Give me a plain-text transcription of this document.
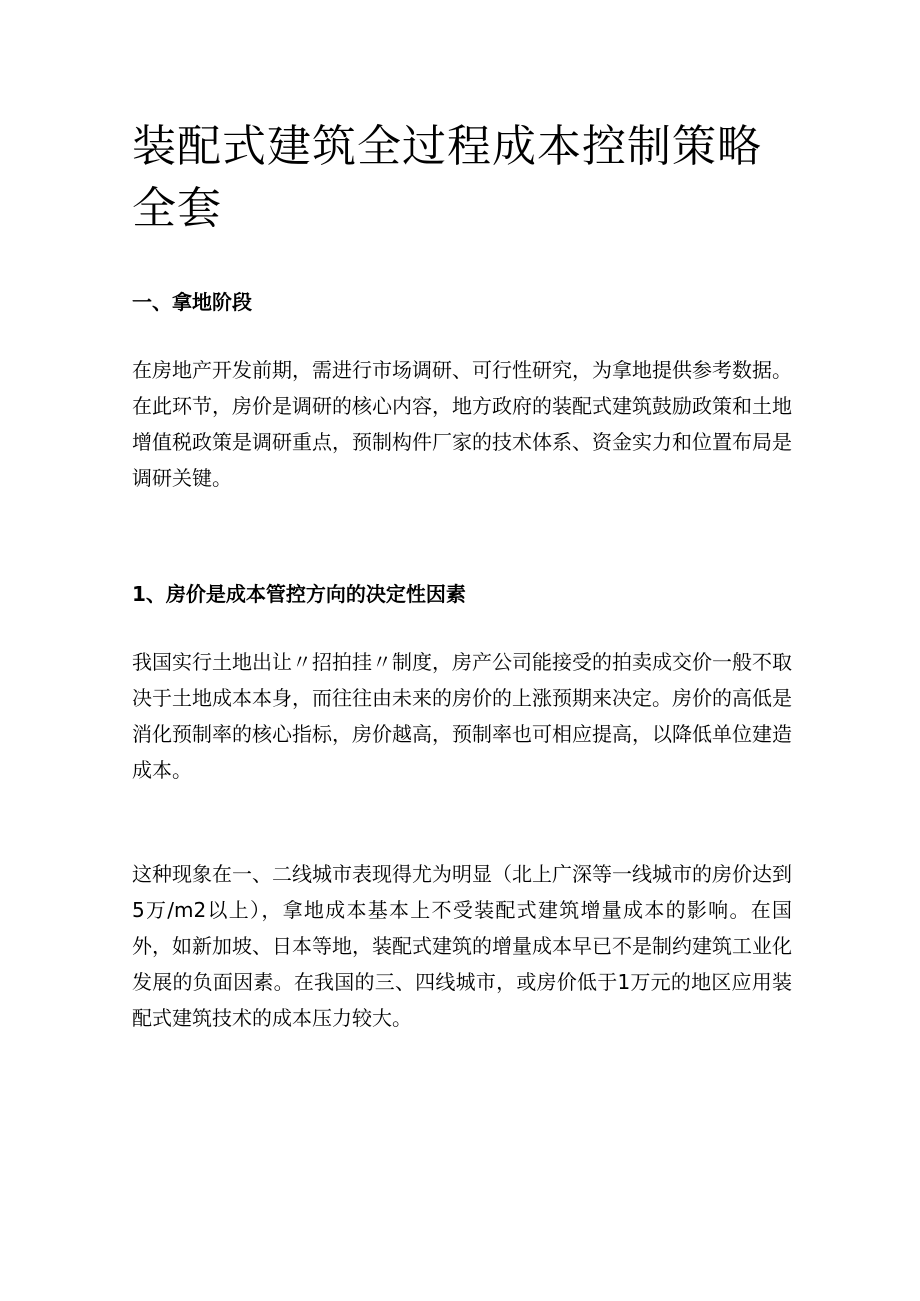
装配式建筑全过程成本控制策略全套
一、拿地阶段

在房地产开发前期，需进行市场调研、可行性研究，为拿地提供参考数据。在此环节，房价是调研的核心内容，地方政府的装配式建筑鼓励政策和土地增值税政策是调研重点，预制构件厂家的技术体系、资金实力和位置布局是调研关键。

1、房价是成本管控方向的决定性因素

我国实行土地出让〃招拍挂〃制度，房产公司能接受的拍卖成交价一般不取决于土地成本本身，而往往由未来的房价的上涨预期来决定。房价的高低是消化预制率的核心指标，房价越高，预制率也可相应提高，以降低单位建造成本。

这种现象在一、二线城市表现得尤为明显（北上广深等一线城市的房价达到5万/m2以上），拿地成本基本上不受装配式建筑增量成本的影响。在国外，如新加坡、日本等地，装配式建筑的增量成本早已不是制约建筑工业化发展的负面因素。在我国的三、四线城市，或房价低于1万元的地区应用装配式建筑技术的成本压力较大。
